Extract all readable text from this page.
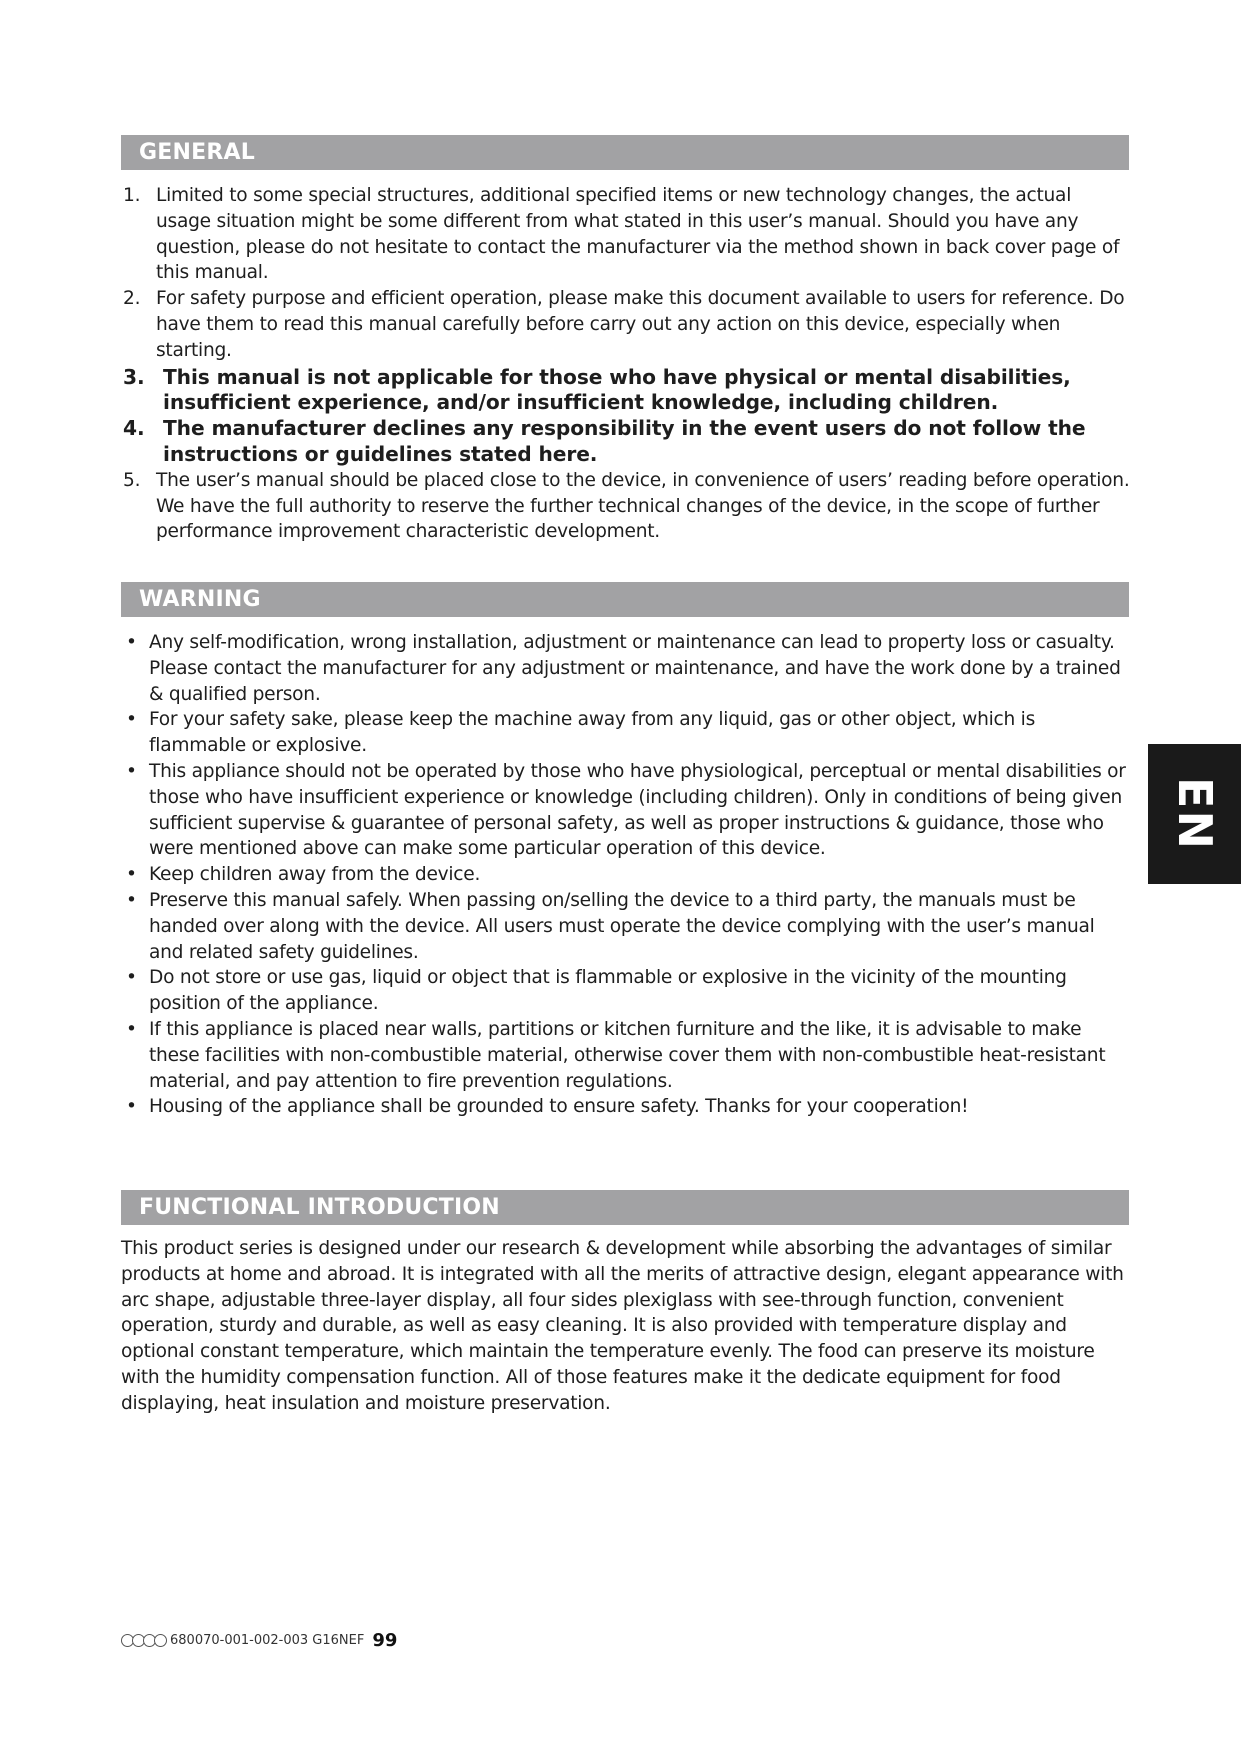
GENERAL
1. Limited to some special structures, additional specified items or new technology changes, the actual usage situation might be some different from what stated in this user’s manual. Should you have any question, please do not hesitate to contact the manufacturer via the method shown in back cover page of this manual.
2. For safety purpose and efficient operation, please make this document available to users for reference. Do have them to read this manual carefully before carry out any action on this device, especially when starting.
3. This manual is not applicable for those who have physical or mental disabilities, insufficient experience, and/or insufficient knowledge, including children.
4. The manufacturer declines any responsibility in the event users do not follow the instructions or guidelines stated here.
5. The user’s manual should be placed close to the device, in convenience of users’ reading before operation. We have the full authority to reserve the further technical changes of the device, in the scope of further performance improvement characteristic development.
WARNING
• Any self-modification, wrong installation, adjustment or maintenance can lead to property loss or casualty. Please contact the manufacturer for any adjustment or maintenance, and have the work done by a trained & qualified person.
• For your safety sake, please keep the machine away from any liquid, gas or other object, which is flammable or explosive.
• This appliance should not be operated by those who have physiological, perceptual or mental disabilities or those who have insufficient experience or knowledge (including children). Only in conditions of being given sufficient supervise & guarantee of personal safety, as well as proper instructions & guidance, those who were mentioned above can make some particular operation of this device.
• Keep children away from the device.
• Preserve this manual safely. When passing on/selling the device to a third party, the manuals must be handed over along with the device. All users must operate the device complying with the user’s manual and related safety guidelines.
• Do not store or use gas, liquid or object that is flammable or explosive in the vicinity of the mounting position of the appliance.
• If this appliance is placed near walls, partitions or kitchen furniture and the like, it is advisable to make these facilities with non-combustible material, otherwise cover them with non-combustible heat-resistant material, and pay attention to fire prevention regulations.
• Housing of the appliance shall be grounded to ensure safety. Thanks for your cooperation!
FUNCTIONAL INTRODUCTION

This product series is designed under our research & development while absorbing the advantages of similar products at home and abroad. It is integrated with all the merits of attractive design, elegant appearance with arc shape, adjustable three-layer display, all four sides plexiglass with see-through function, convenient operation, sturdy and durable, as well as easy cleaning. It is also provided with temperature display and optional constant temperature, which maintain the temperature evenly. The food can preserve its moisture with the humidity compensation function. All of those features make it the dedicate equipment for food displaying, heat insulation and moisture preservation.

EN
680070-001-002-003 G16NEF 99
